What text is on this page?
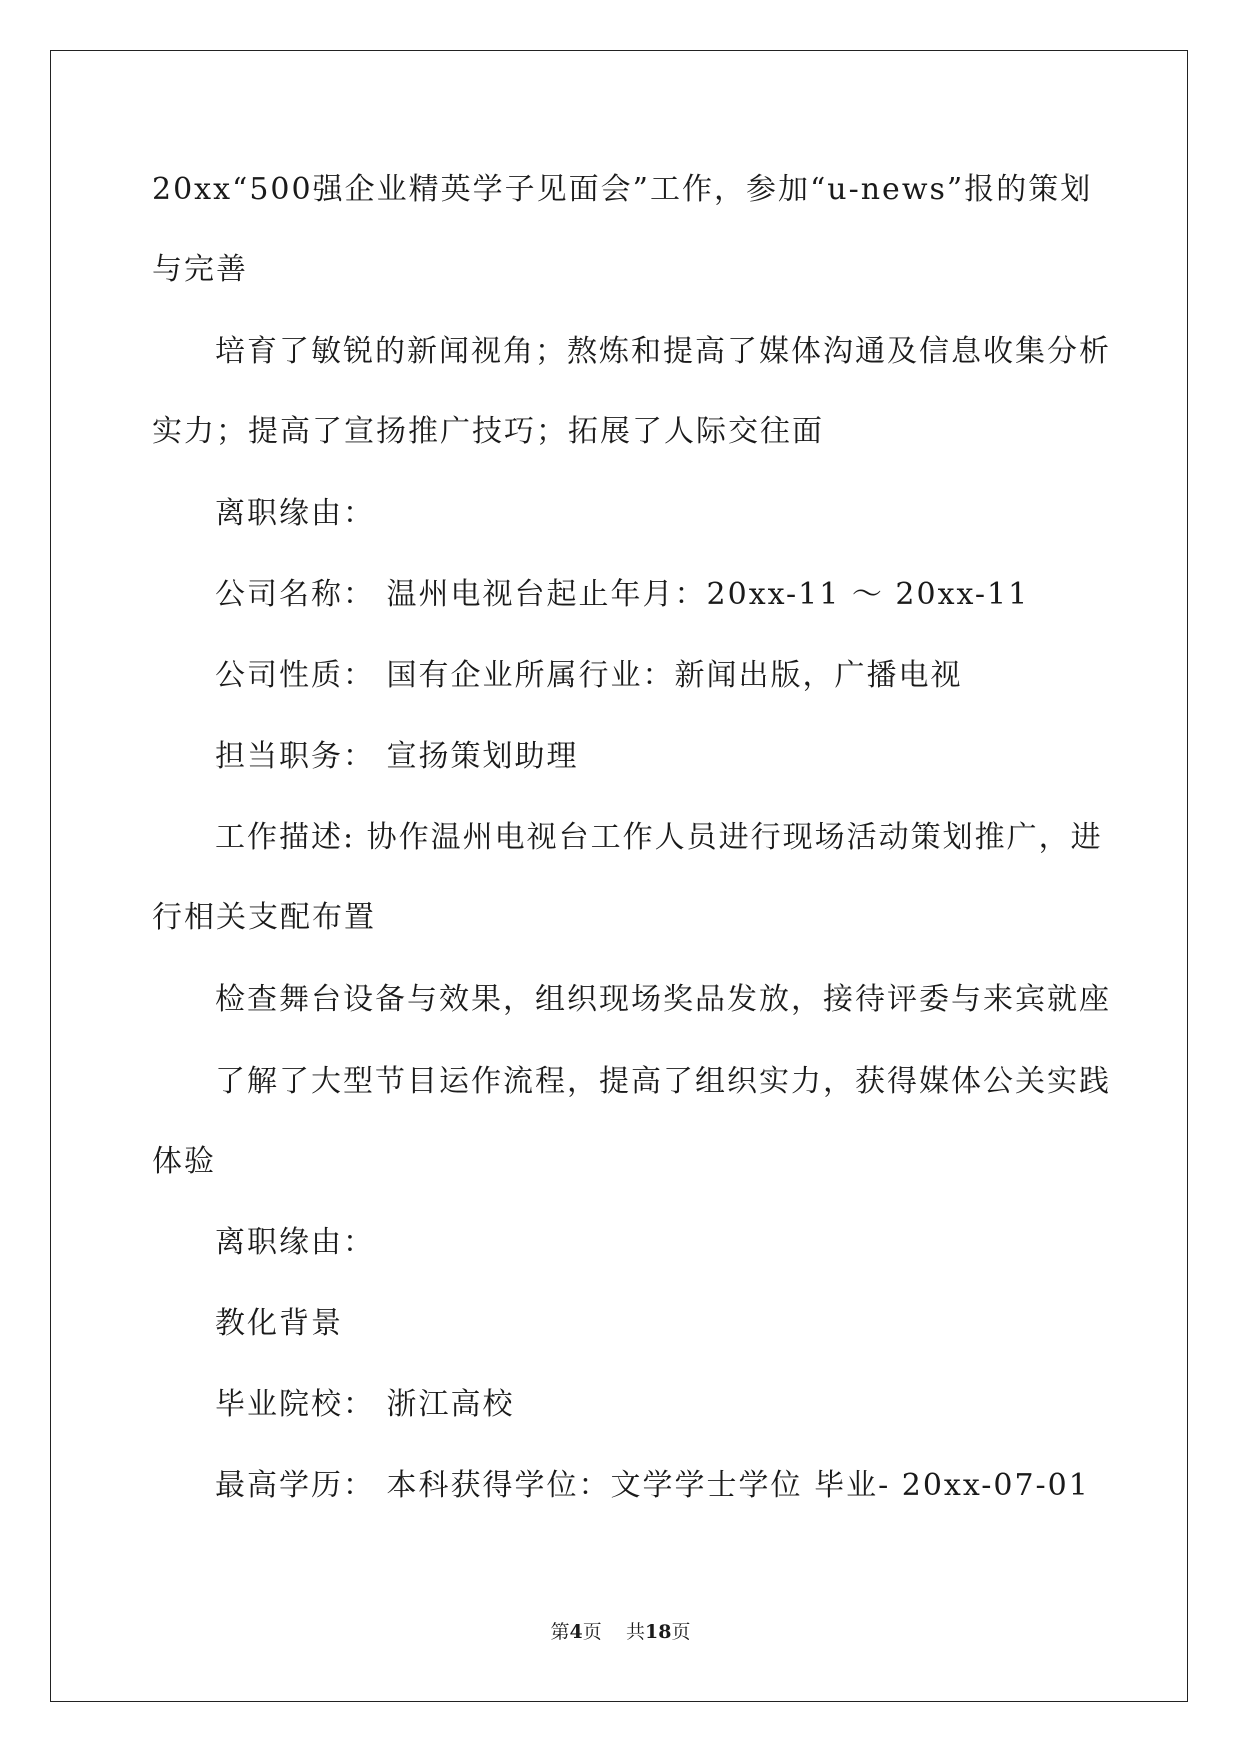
20xx“500强企业精英学子见面会”工作，参加“u-news”报的策划
与完善
培育了敏锐的新闻视角；熬炼和提高了媒体沟通及信息收集分析
实力；提高了宣扬推广技巧；拓展了人际交往面
离职缘由：
公司名称： 温州电视台起止年月：20xx-11 ～ 20xx-11
公司性质： 国有企业所属行业：新闻出版，广播电视
担当职务： 宣扬策划助理
工作描述: 协作温州电视台工作人员进行现场活动策划推广，进
行相关支配布置
检查舞台设备与效果，组织现场奖品发放，接待评委与来宾就座
了解了大型节目运作流程，提高了组织实力，获得媒体公关实践
体验
离职缘由：
教化背景
毕业院校： 浙江高校
最高学历： 本科获得学位：文学学士学位 毕业- 20xx-07-01
第4页 共18页
